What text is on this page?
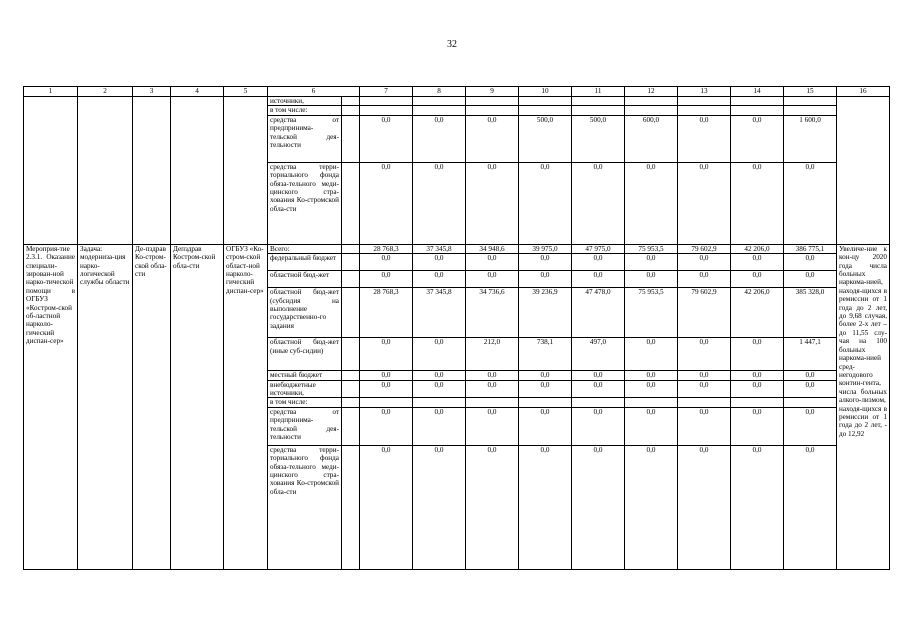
32
1	2	3	4	5	6		7	8	9	10	11	12	13	14	15	16
					источники,											
					в том числе:											
					средства от предпринима-тельской дея-тельности		0,0	0,0	0,0	500,0	500,0	600,0	0,0	0,0	1 600,0	
					средства терри-ториального фонда обяза-тельного меди-цинского стра-хования Ко-стромской обла-сти		0,0	0,0	0,0	0,0	0,0	0,0	0,0	0,0	0,0	
Мероприя-тие 2.3.1. Оказание специали-зирован-ной нарко-тической помощи в ОГБУЗ «Костром-ской об-ластной нарколо-гический диспан-сер»	Задача: модерниза-ция нарко-логической службы области	Де-пздрав Ко-стром-ской обла-сти	Депздрав Костром-ской обла-сти	ОГБУЗ «Ко-стром-ской област-ной нарколо-гический диспан-сер»	Всего:		28 768,3	37 345,8	34 948,6	39 975,0	47 975,0	75 953,5	79 602,9	42 206,0	386 775,1	Увеличе-ние к кон-цу 2020 года числа больных наркома-нией, находя-щихся в ремиссии от 1 года до 2 лет, до 9,68 случая, более 2-х лет – до 11,55 слу-чая на 100 больных наркома-нией сред-негодового контин-гента, числа больных алкого-лизмом, находя-щихся в ремиссии от 1 года до 2 лет, - до 12,92
					федеральный бюджет		0,0	0,0	0,0	0,0	0,0	0,0	0,0	0,0	0,0	
					областной бюд-жет		0,0	0,0	0,0	0,0	0,0	0,0	0,0	0,0	0,0	
					областной бюд-жет (субсидия на выполнение государственно-го задания		28 768,3	37 345,8	34 736,6	39 236,9	47 478,0	75 953,5	79 602,9	42 206,0	385 328,0	
					областной бюд-жет (иные суб-сидии)		0,0	0,0	212,0	738,1	497,0	0,0	0,0	0,0	1 447,1	
					местный бюджет		0,0	0,0	0,0	0,0	0,0	0,0	0,0	0,0	0,0	
					внебюджетные источники,		0,0	0,0	0,0	0,0	0,0	0,0	0,0	0,0	0,0	
					в том числе:											
					средства от предпринима-тельской дея-тельности		0,0	0,0	0,0	0,0	0,0	0,0	0,0	0,0	0,0	
					средства терри-ториального фонда обяза-тельного меди-цинского стра-хования Ко-стромской обла-сти		0,0	0,0	0,0	0,0	0,0	0,0	0,0	0,0	0,0	
